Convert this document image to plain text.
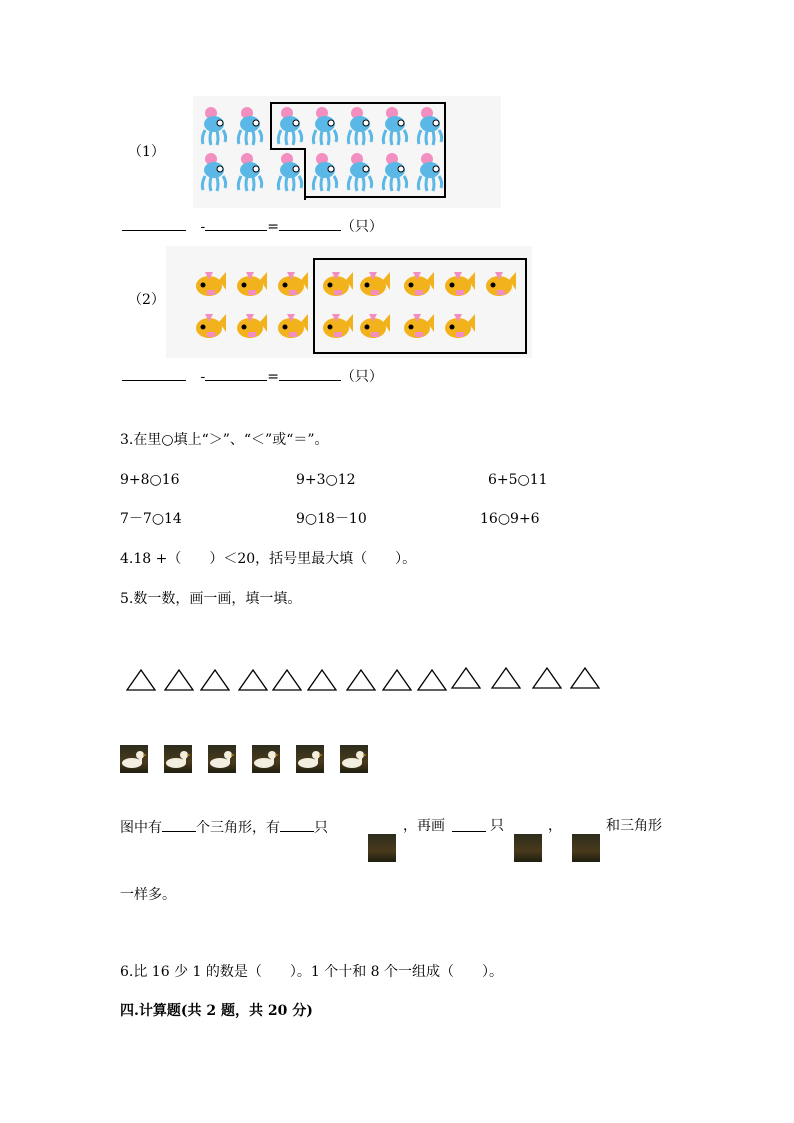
（1）
-	=	（只）
（2）
-	=	（只）
3.在里○填上“＞”、“＜”或“＝”。
9+8○16	9+3○12	6+5○11
7－7○14	9○18－10	16○9+6
4.18 +（　　）＜20，括号里最大填（　　）。
5.数一数，画一画，填一填。
图中有 个三角形，有 只	，再画	只	，	和三角形
一样多。
6.比 16 少 1 的数是（　　）。1 个十和 8 个一组成（　　）。
四.计算题(共 2 题，共 20 分)
